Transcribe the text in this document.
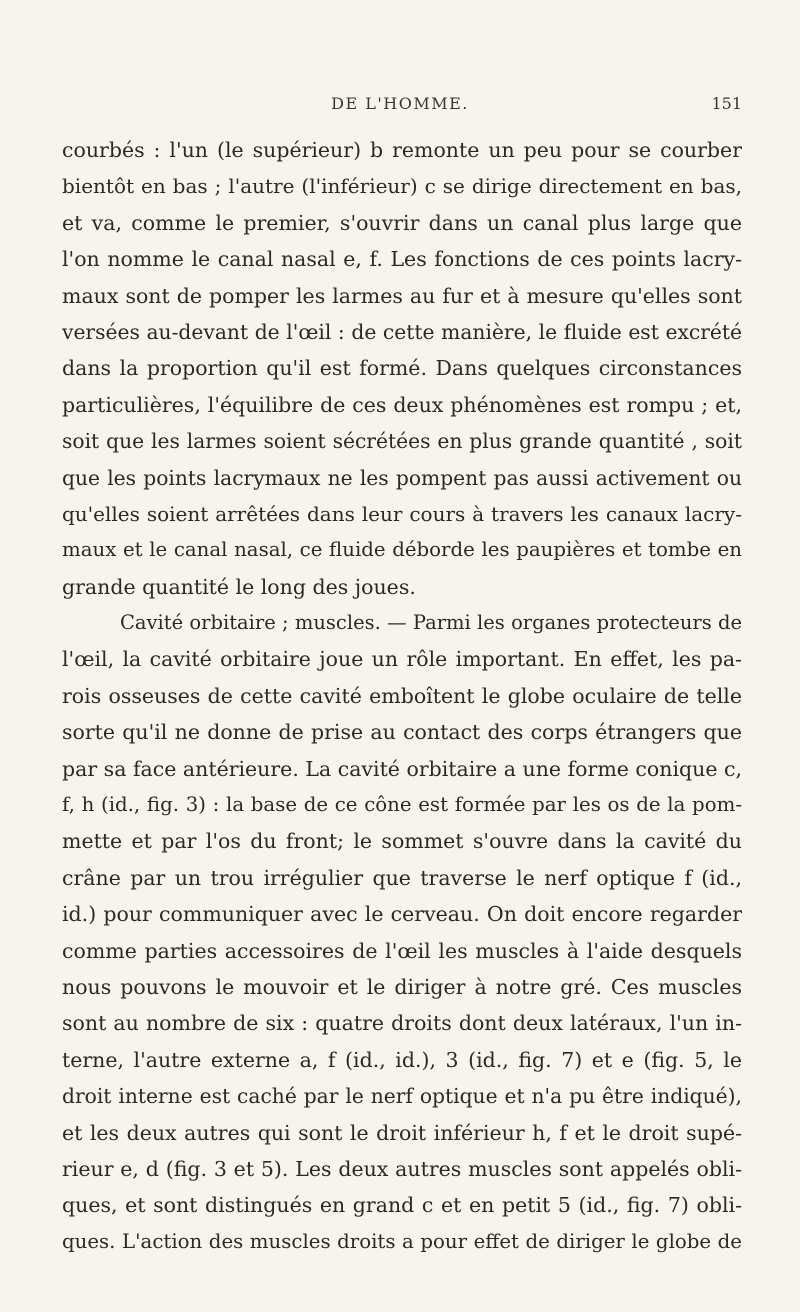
DE L'HOMME.	151
courbés : l'un (le supérieur) b remonte un peu pour se courber
bientôt en bas ; l'autre (l'inférieur) c se dirige directement en bas,
et va, comme le premier, s'ouvrir dans un canal plus large que
l'on nomme le canal nasal e, f. Les fonctions de ces points lacry-
maux sont de pomper les larmes au fur et à mesure qu'elles sont
versées au-devant de l'œil : de cette manière, le fluide est excrété
dans la proportion qu'il est formé. Dans quelques circonstances
particulières, l'équilibre de ces deux phénomènes est rompu ; et,
soit que les larmes soient sécrétées en plus grande quantité , soit
que les points lacrymaux ne les pompent pas aussi activement ou
qu'elles soient arrêtées dans leur cours à travers les canaux lacry-
maux et le canal nasal, ce fluide déborde les paupières et tombe en
grande quantité le long des joues.
Cavité orbitaire ; muscles. — Parmi les organes protecteurs de
l'œil, la cavité orbitaire joue un rôle important. En effet, les pa-
rois osseuses de cette cavité emboîtent le globe oculaire de telle
sorte qu'il ne donne de prise au contact des corps étrangers que
par sa face antérieure. La cavité orbitaire a une forme conique c,
f, h (id., fig. 3) : la base de ce cône est formée par les os de la pom-
mette et par l'os du front; le sommet s'ouvre dans la cavité du
crâne par un trou irrégulier que traverse le nerf optique f (id.,
id.) pour communiquer avec le cerveau. On doit encore regarder
comme parties accessoires de l'œil les muscles à l'aide desquels
nous pouvons le mouvoir et le diriger à notre gré. Ces muscles
sont au nombre de six : quatre droits dont deux latéraux, l'un in-
terne, l'autre externe a, f (id., id.), 3 (id., fig. 7) et e (fig. 5, le
droit interne est caché par le nerf optique et n'a pu être indiqué),
et les deux autres qui sont le droit inférieur h, f et le droit supé-
rieur e, d (fig. 3 et 5). Les deux autres muscles sont appelés obli-
ques, et sont distingués en grand c et en petit 5 (id., fig. 7) obli-
ques. L'action des muscles droits a pour effet de diriger le globe de
